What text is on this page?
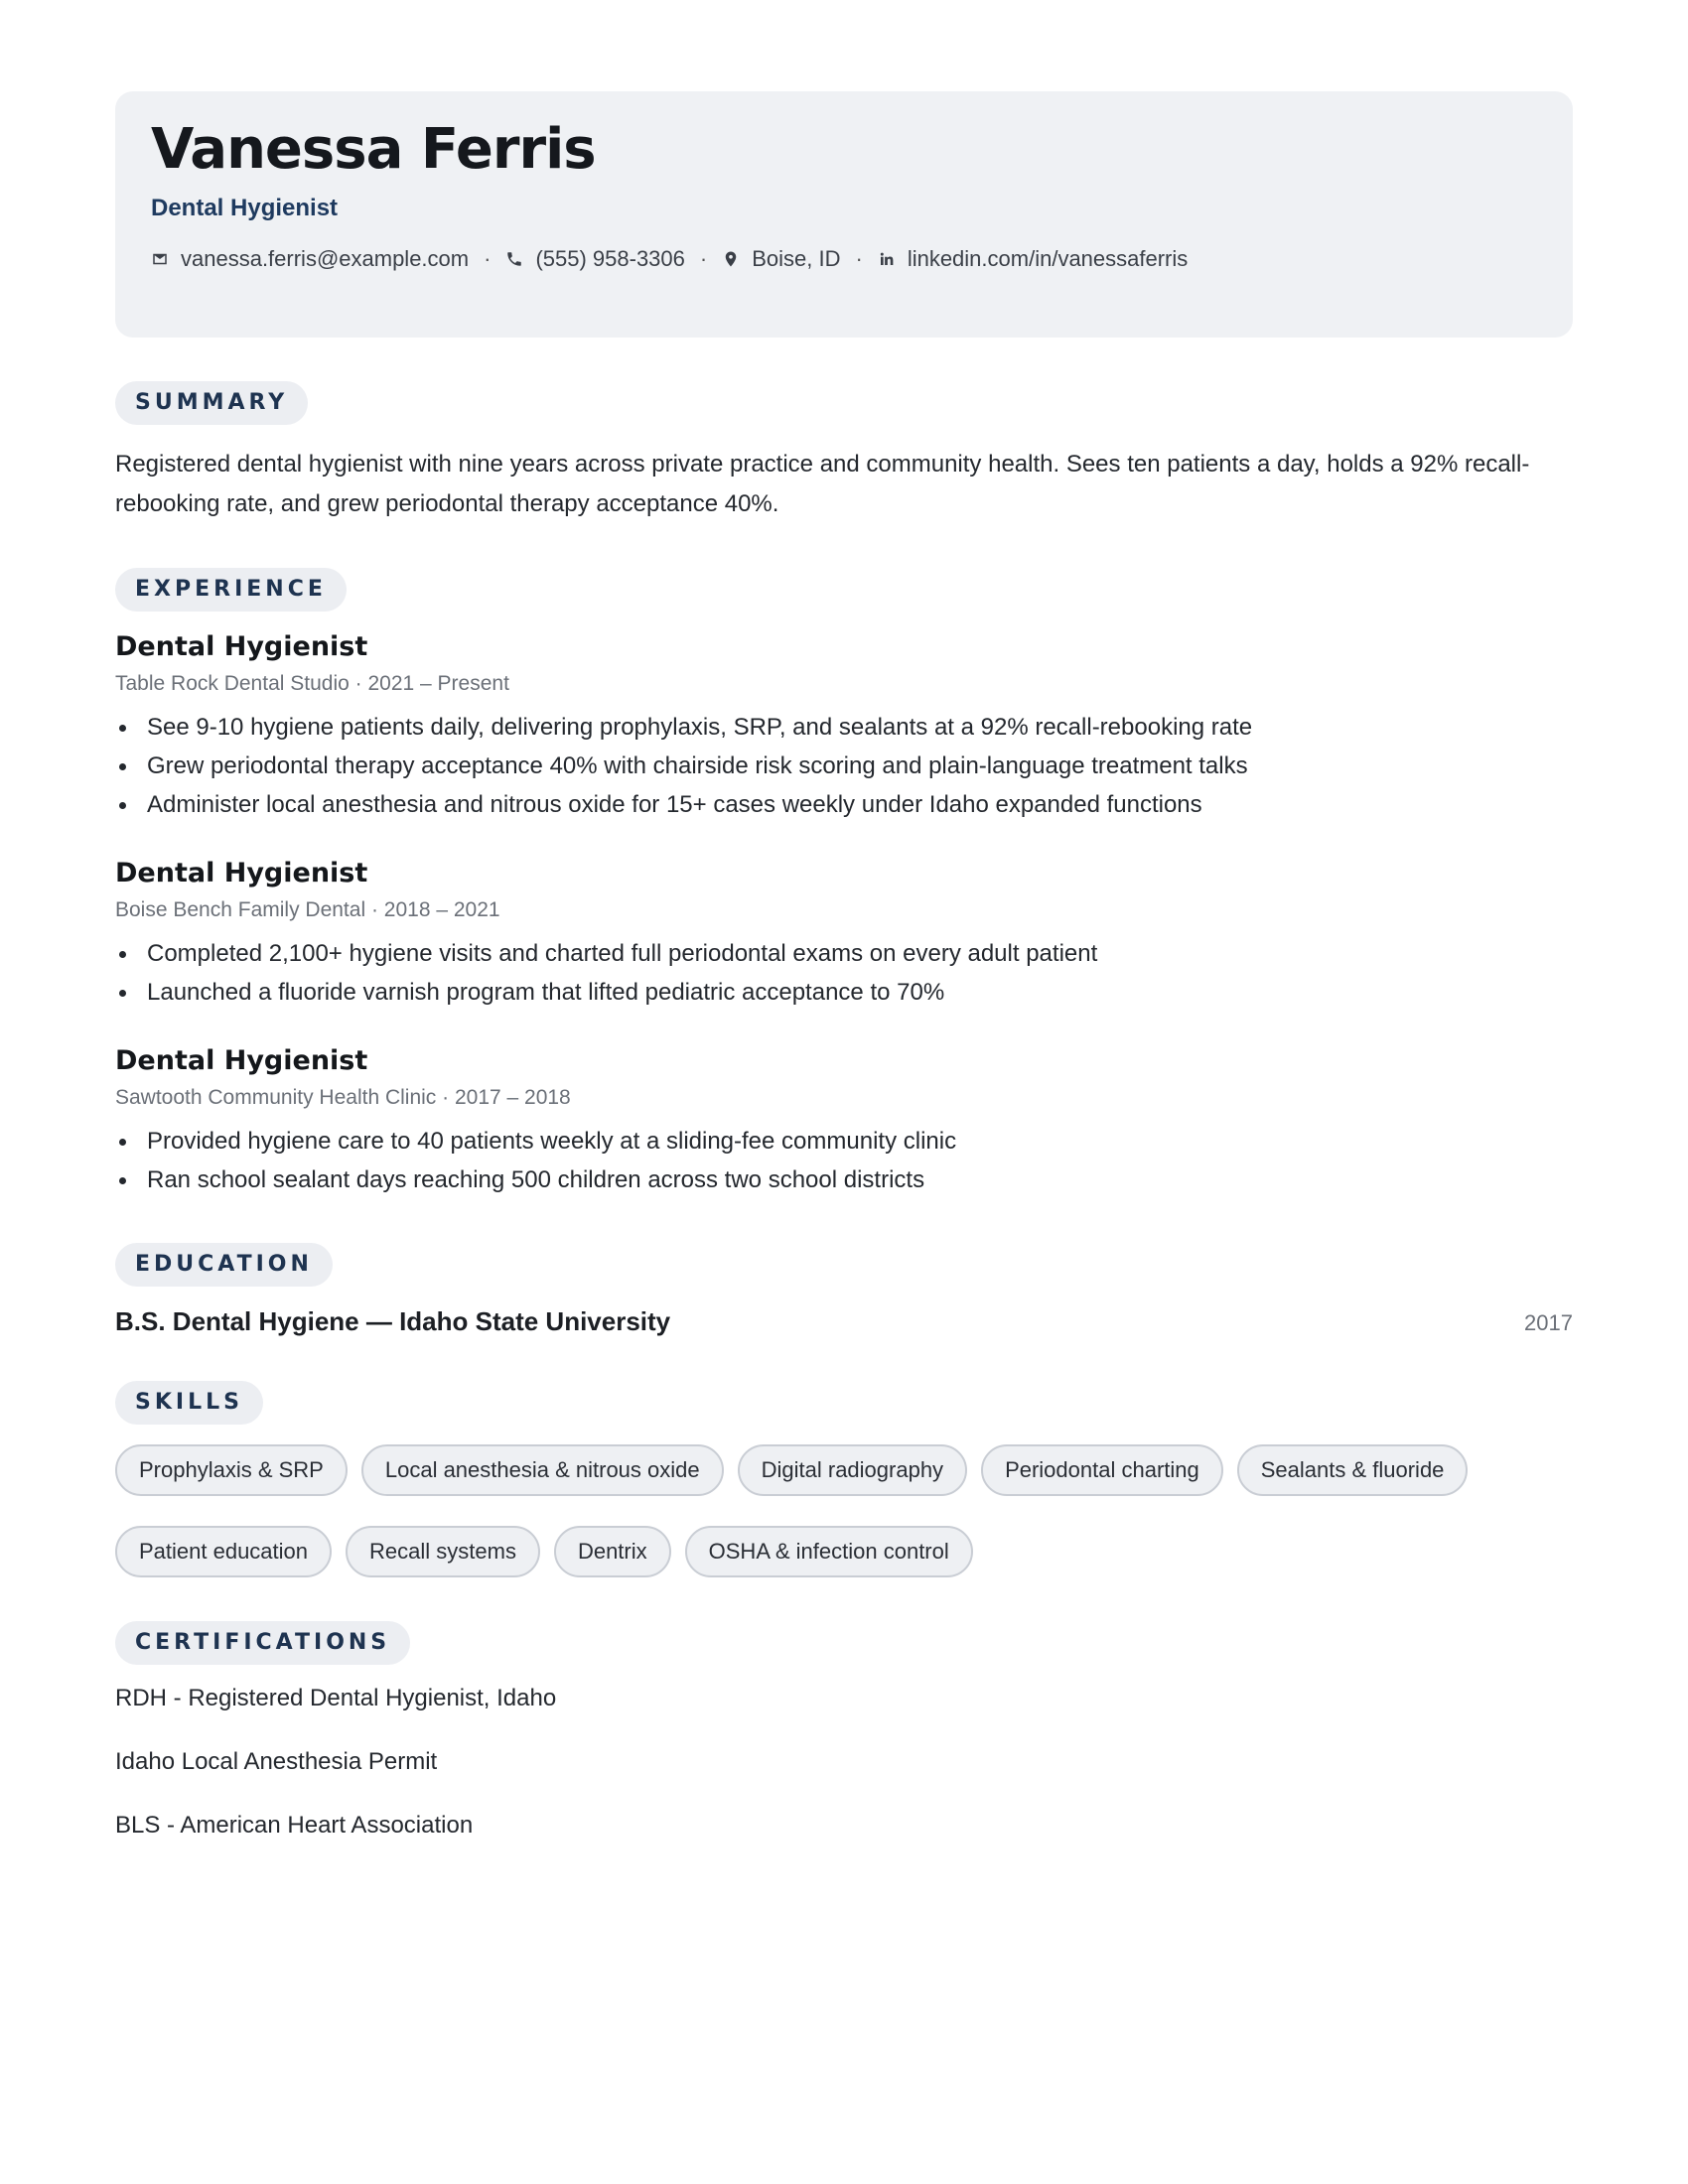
Vanessa Ferris
Dental Hygienist
vanessa.ferris@example.com · (555) 958-3306 · Boise, ID · linkedin.com/in/vanessaferris
SUMMARY
Registered dental hygienist with nine years across private practice and community health. Sees ten patients a day, holds a 92% recall-rebooking rate, and grew periodontal therapy acceptance 40%.
EXPERIENCE
Dental Hygienist
Table Rock Dental Studio · 2021 – Present
See 9-10 hygiene patients daily, delivering prophylaxis, SRP, and sealants at a 92% recall-rebooking rate
Grew periodontal therapy acceptance 40% with chairside risk scoring and plain-language treatment talks
Administer local anesthesia and nitrous oxide for 15+ cases weekly under Idaho expanded functions
Dental Hygienist
Boise Bench Family Dental · 2018 – 2021
Completed 2,100+ hygiene visits and charted full periodontal exams on every adult patient
Launched a fluoride varnish program that lifted pediatric acceptance to 70%
Dental Hygienist
Sawtooth Community Health Clinic · 2017 – 2018
Provided hygiene care to 40 patients weekly at a sliding-fee community clinic
Ran school sealant days reaching 500 children across two school districts
EDUCATION
B.S. Dental Hygiene — Idaho State University	2017
SKILLS
Prophylaxis & SRP	Local anesthesia & nitrous oxide	Digital radiography	Periodontal charting	Sealants & fluoride
Patient education	Recall systems	Dentrix	OSHA & infection control
CERTIFICATIONS
RDH - Registered Dental Hygienist, Idaho
Idaho Local Anesthesia Permit
BLS - American Heart Association
